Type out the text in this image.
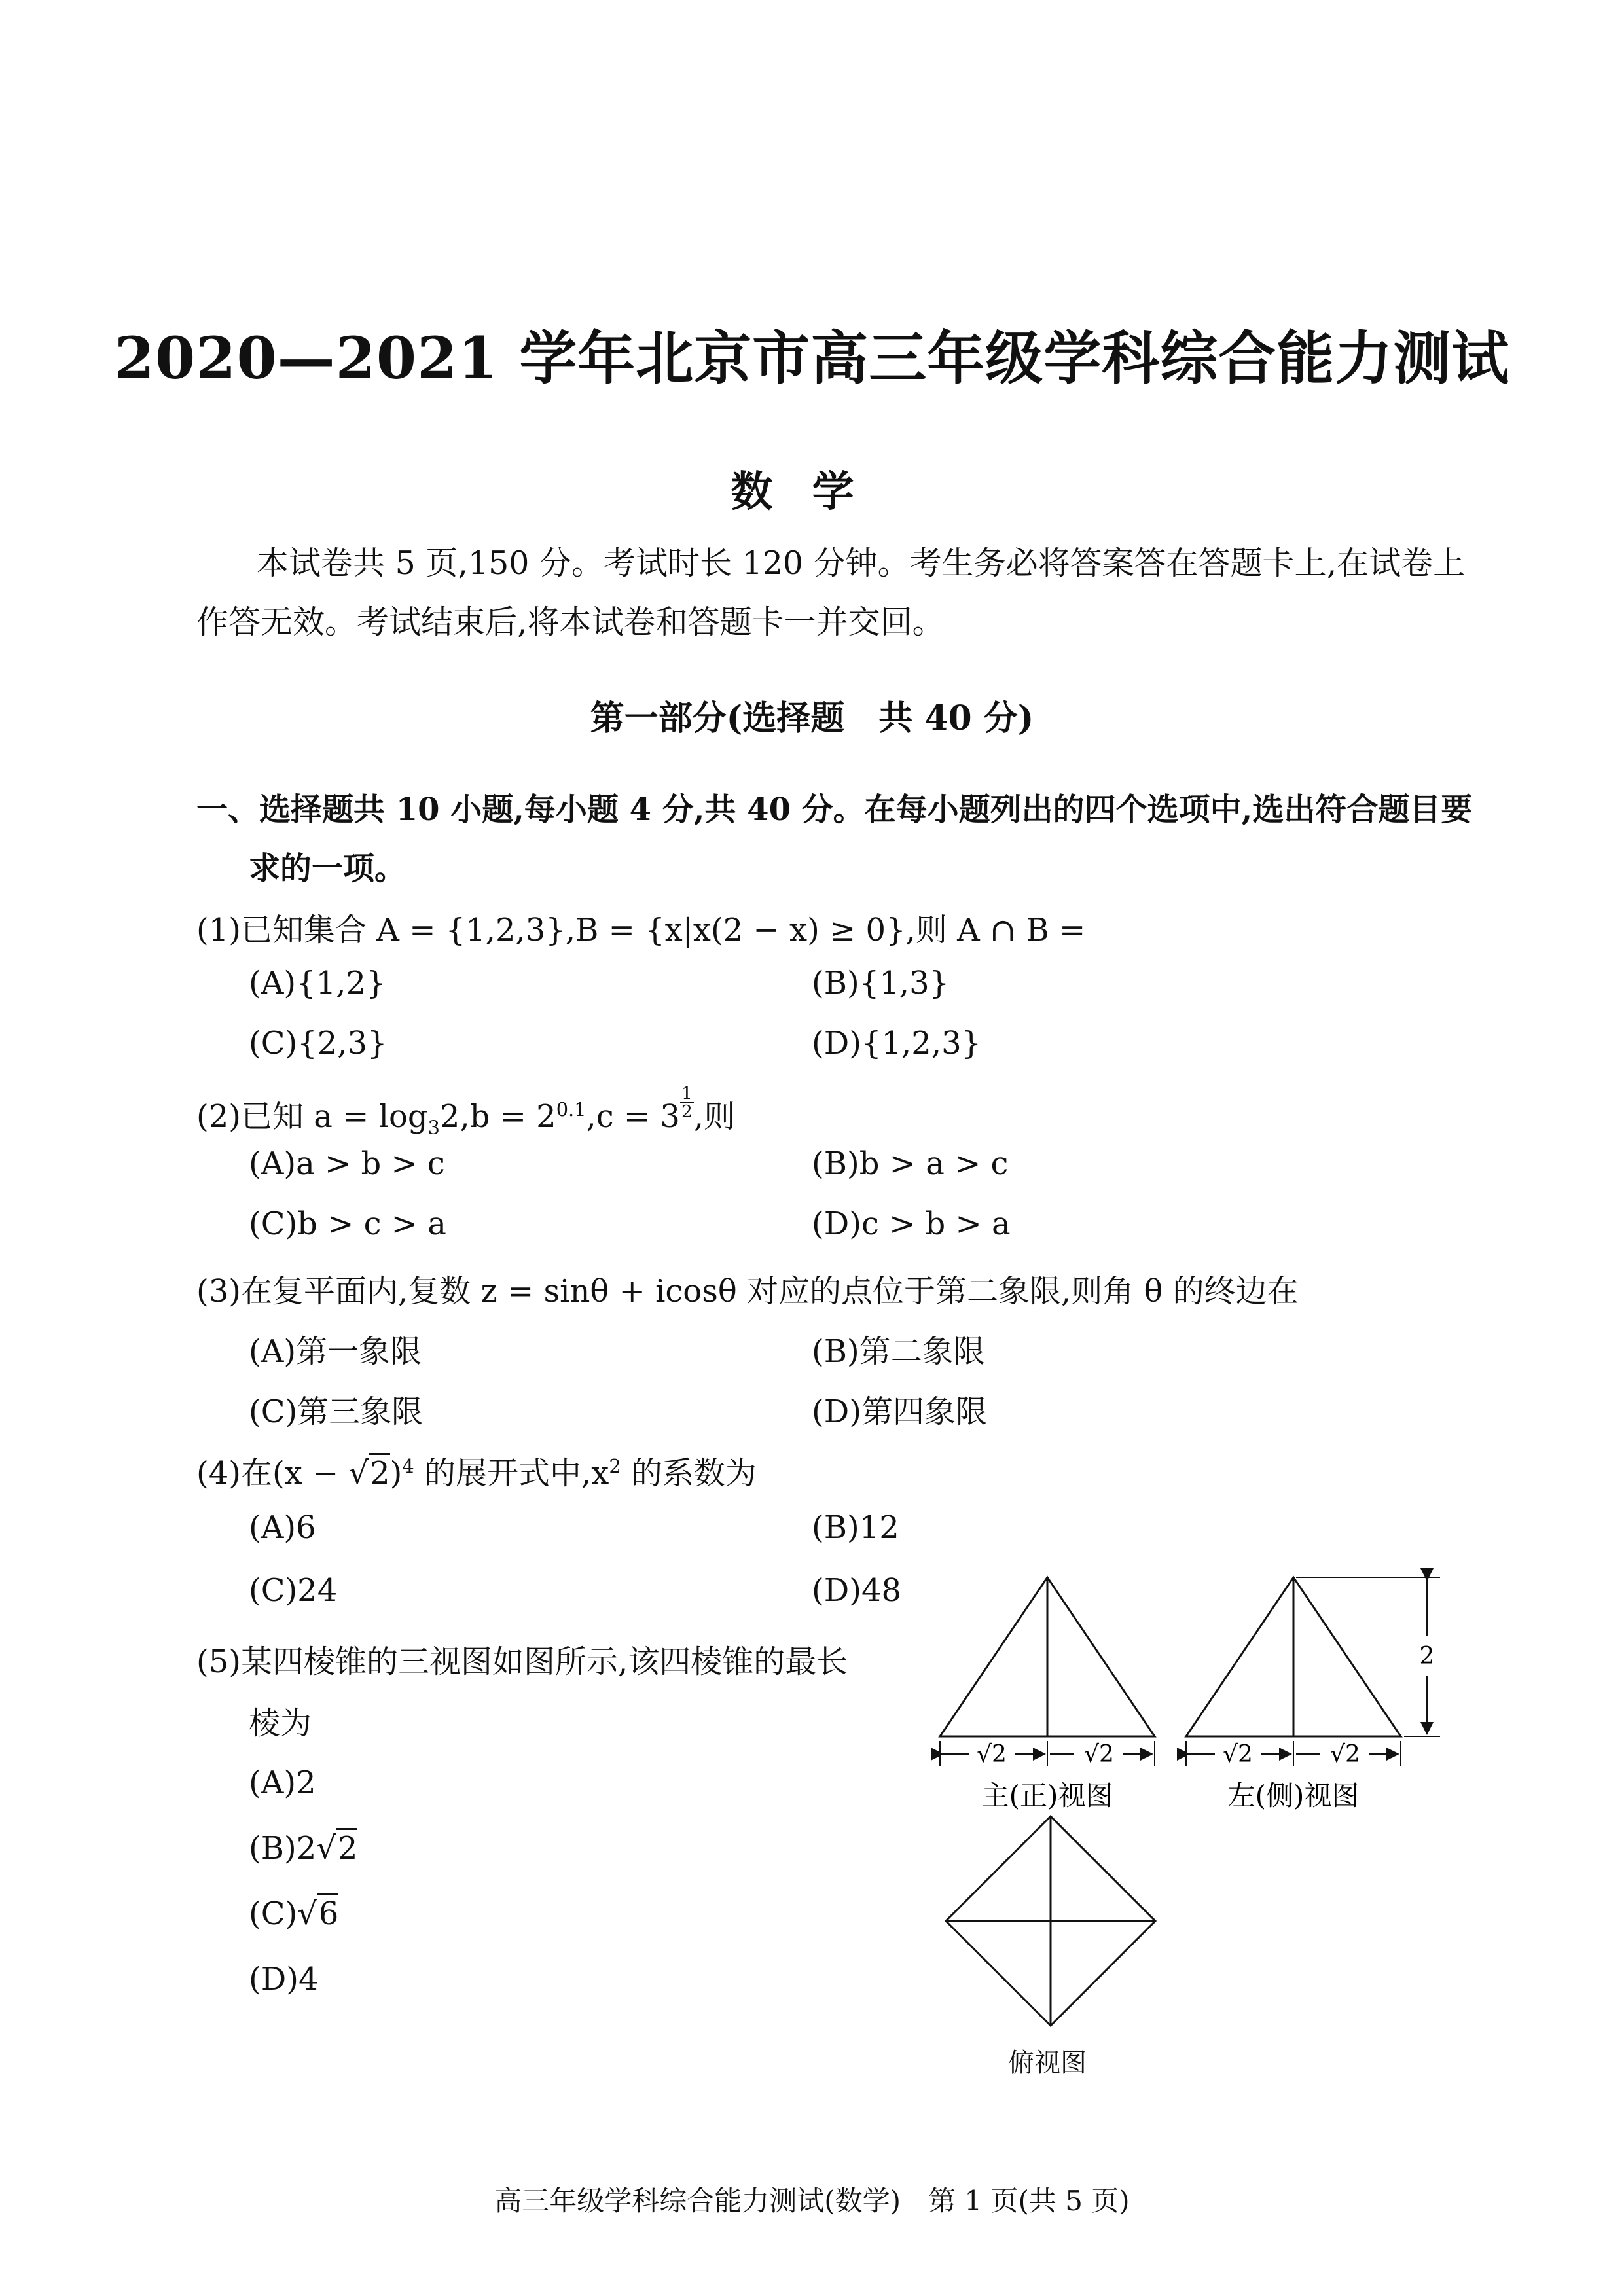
2020—2021 学年北京市高三年级学科综合能力测试
数学
本试卷共 5 页,150 分。考试时长 120 分钟。考生务必将答案答在答题卡上,在试卷上
作答无效。考试结束后,将本试卷和答题卡一并交回。
第一部分(选择题　共 40 分)
一、选择题共 10 小题,每小题 4 分,共 40 分。在每小题列出的四个选项中,选出符合题目要
求的一项。
(1)已知集合 A = {1,2,3},B = {x|x(2 − x) ≥ 0},则 A ∩ B =
(A){1,2}	(B){1,3}
(C){2,3}	(D){1,2,3}
(2)已知 $a = \log_32,b = 2^{0.1},c = 3 \frac{1}{2}$ ,则
(A)a > b > c	(B)b > a > c
(C)b > c > a	(D)c > b > a
(3)在复平面内,复数 z = sinθ + icosθ 对应的点位于第二象限,则角 θ 的终边在
(A)第一象限	(B)第二象限
(C)第三象限	(D)第四象限
(4)在$(x - √2)^4$ 的展开式中$,x^2$ 的系数为
(A)6	(B)12
(C)24	(D)48
(5)某四棱锥的三视图如图所示,该四棱锥的最长
棱为
(A)2
(B)2√2
(C)√6
(D)4
√2	√2
主(正)视图
√2	√2
2
左(侧)视图
俯视图
高三年级学科综合能力测试(数学)　第 1 页(共 5 页)
